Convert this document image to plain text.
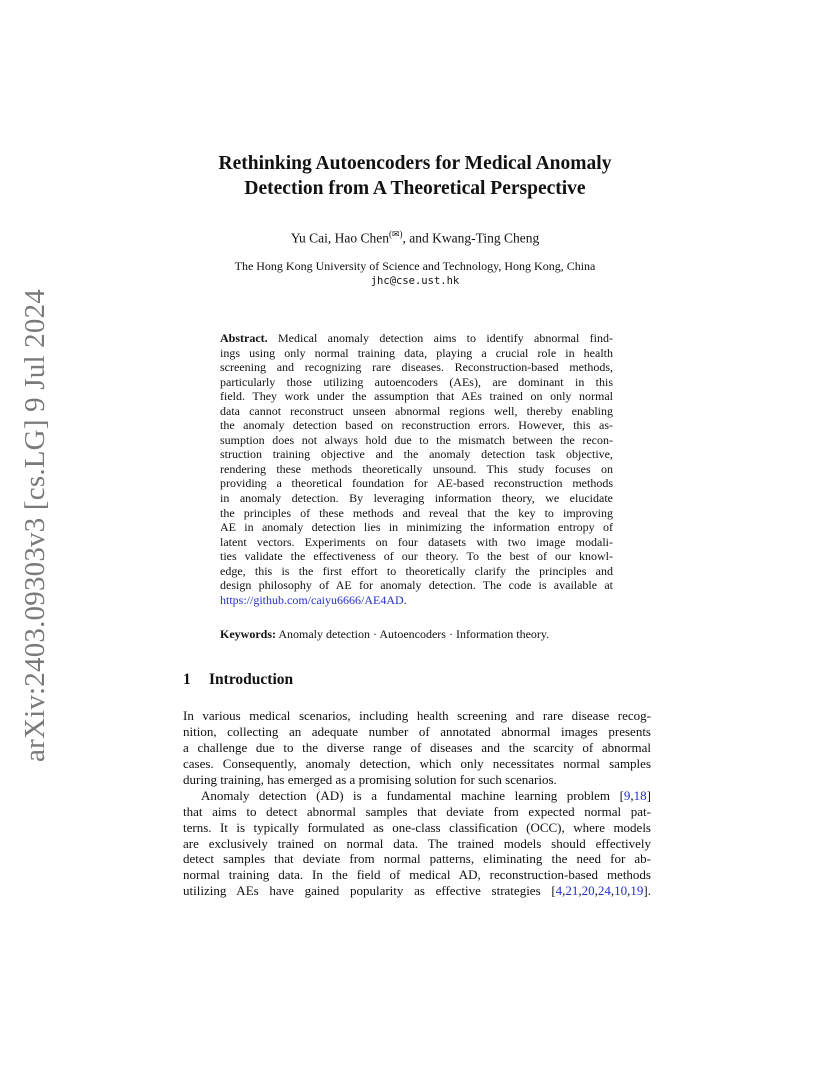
arXiv:2403.09303v3 [cs.LG] 9 Jul 2024
Rethinking Autoencoders for Medical Anomaly
Detection from A Theoretical Perspective
Yu Cai, Hao Chen(✉), and Kwang-Ting Cheng
The Hong Kong University of Science and Technology, Hong Kong, China
jhc@cse.ust.hk
Abstract. Medical anomaly detection aims to identify abnormal find-
ings using only normal training data, playing a crucial role in health
screening and recognizing rare diseases. Reconstruction-based methods,
particularly those utilizing autoencoders (AEs), are dominant in this
field. They work under the assumption that AEs trained on only normal
data cannot reconstruct unseen abnormal regions well, thereby enabling
the anomaly detection based on reconstruction errors. However, this as-
sumption does not always hold due to the mismatch between the recon-
struction training objective and the anomaly detection task objective,
rendering these methods theoretically unsound. This study focuses on
providing a theoretical foundation for AE-based reconstruction methods
in anomaly detection. By leveraging information theory, we elucidate
the principles of these methods and reveal that the key to improving
AE in anomaly detection lies in minimizing the information entropy of
latent vectors. Experiments on four datasets with two image modali-
ties validate the effectiveness of our theory. To the best of our knowl-
edge, this is the first effort to theoretically clarify the principles and
design philosophy of AE for anomaly detection. The code is available at
https://github.com/caiyu6666/AE4AD.
Keywords: Anomaly detection · Autoencoders · Information theory.
1 Introduction
In various medical scenarios, including health screening and rare disease recog-
nition, collecting an adequate number of annotated abnormal images presents
a challenge due to the diverse range of diseases and the scarcity of abnormal
cases. Consequently, anomaly detection, which only necessitates normal samples
during training, has emerged as a promising solution for such scenarios.
Anomaly detection (AD) is a fundamental machine learning problem [9,18]
that aims to detect abnormal samples that deviate from expected normal pat-
terns. It is typically formulated as one-class classification (OCC), where models
are exclusively trained on normal data. The trained models should effectively
detect samples that deviate from normal patterns, eliminating the need for ab-
normal training data. In the field of medical AD, reconstruction-based methods
utilizing AEs have gained popularity as effective strategies [4,21,20,24,10,19].
